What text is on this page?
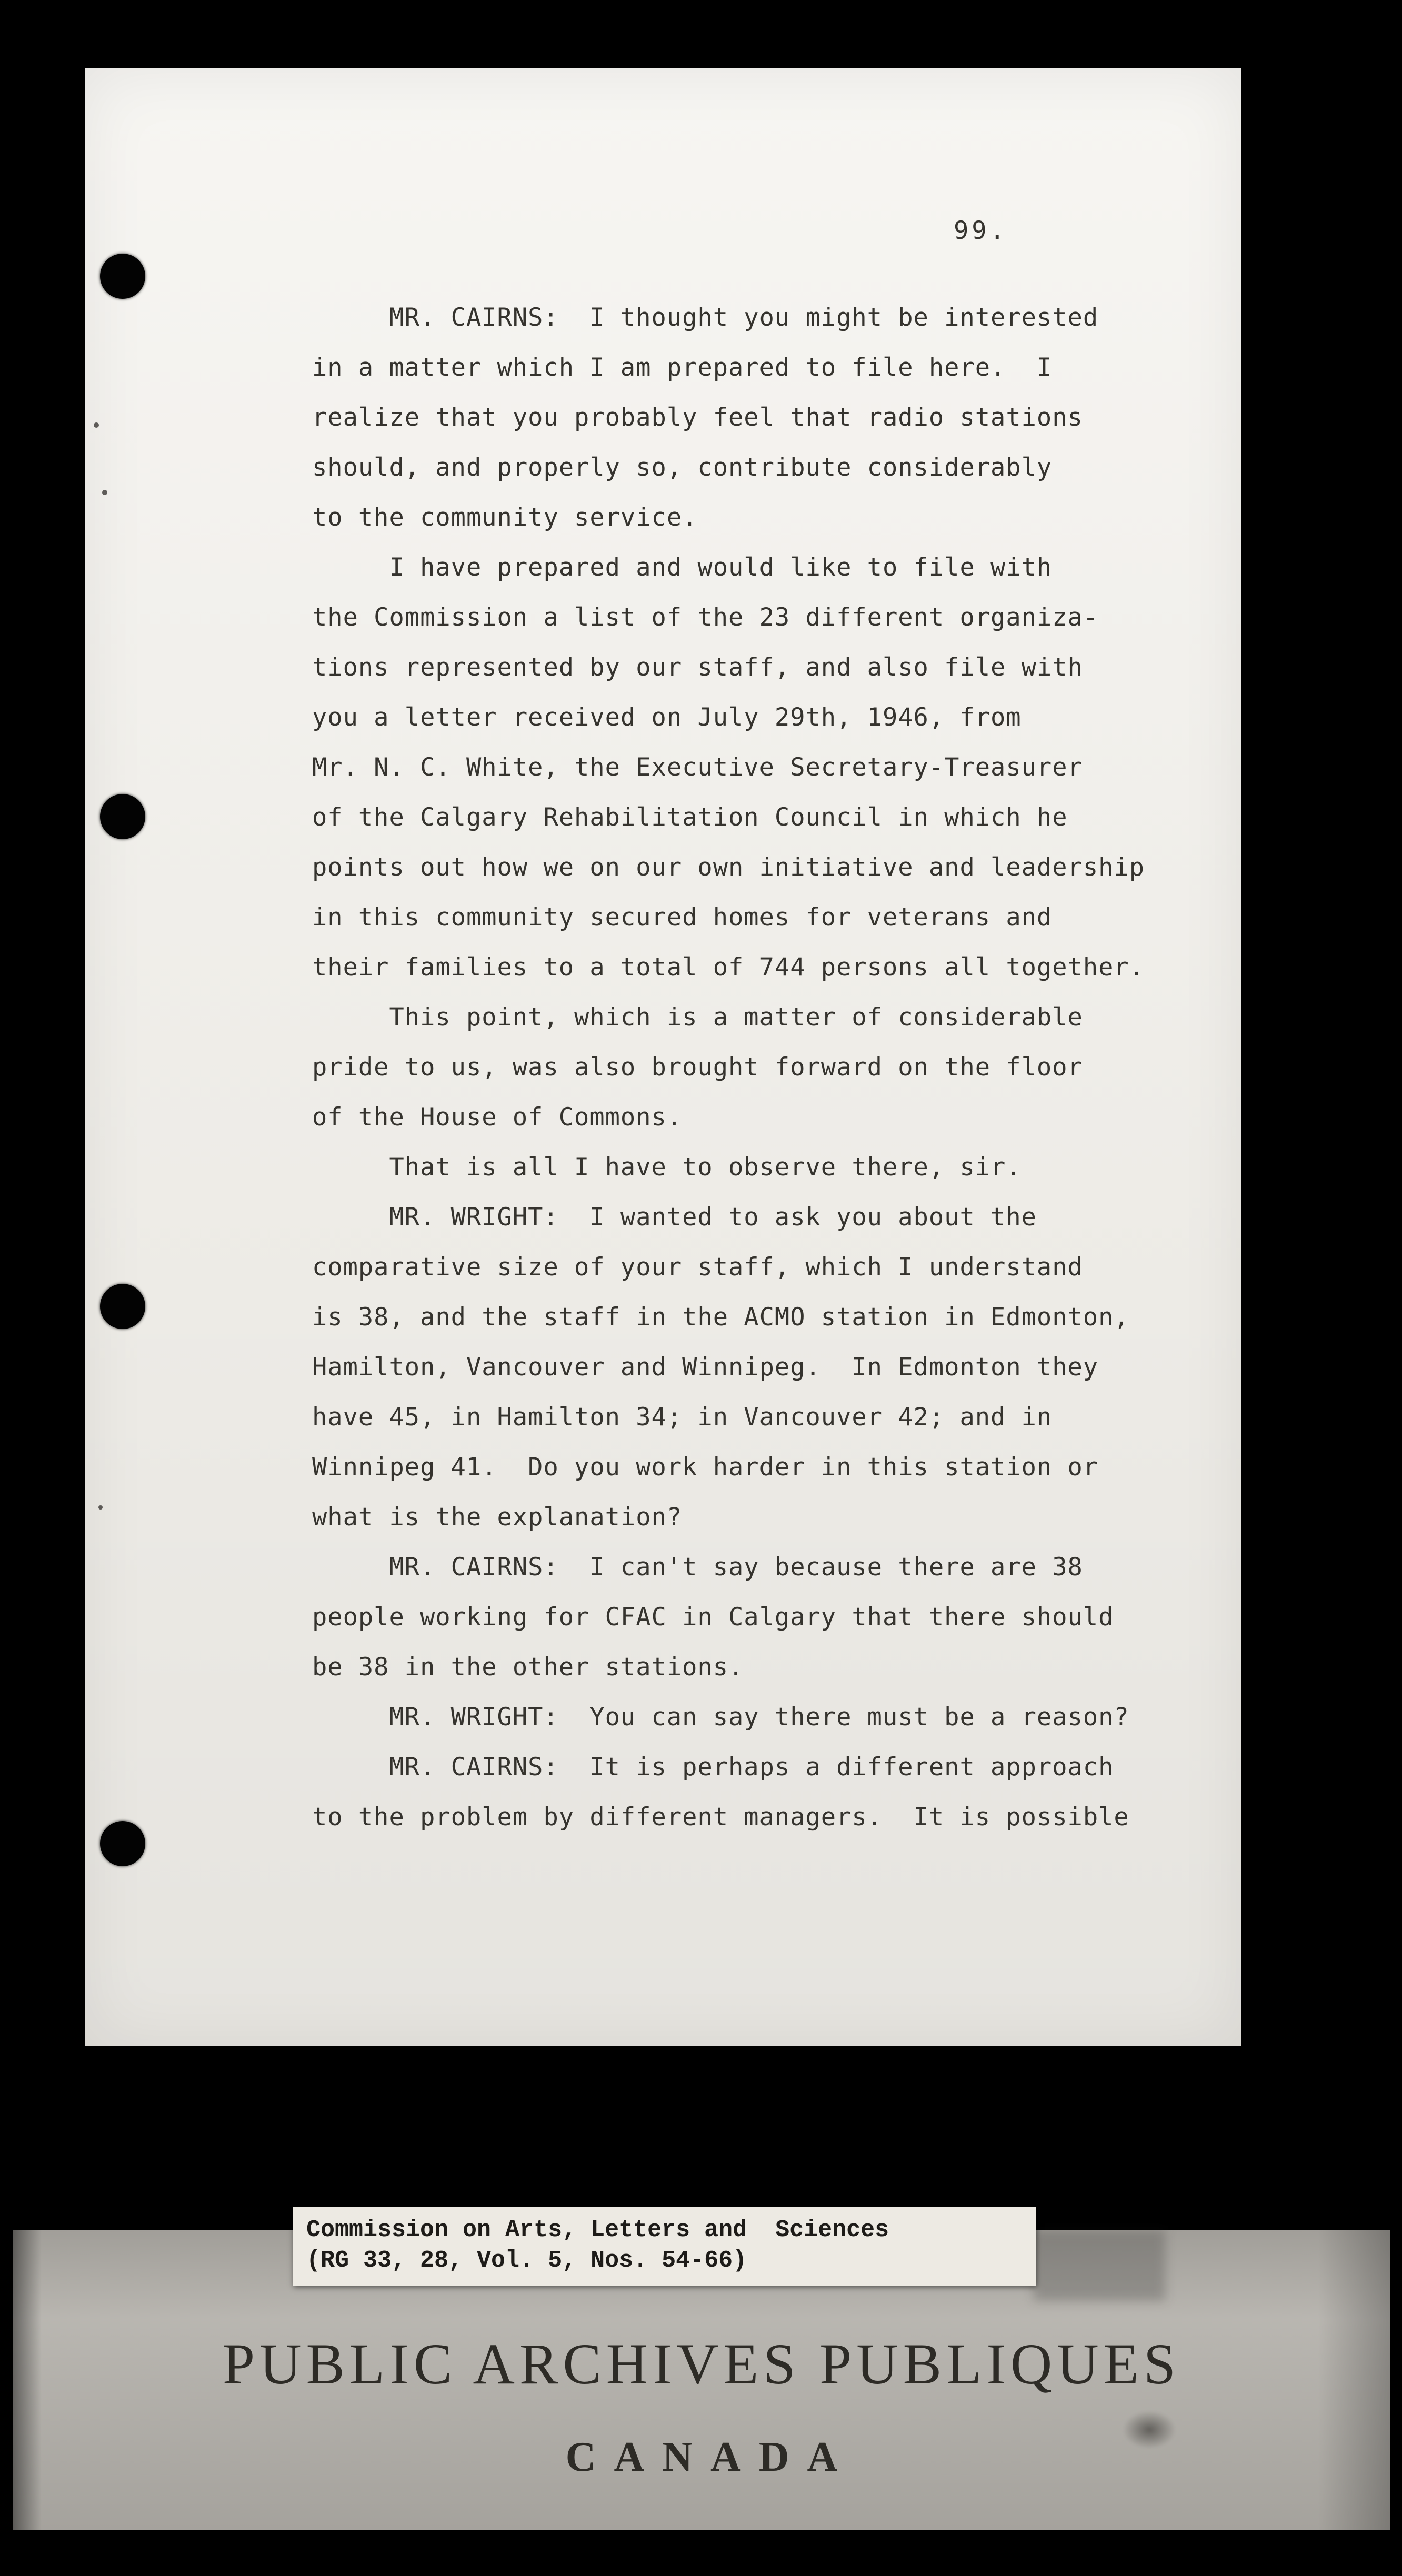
99.
MR. CAIRNS:  I thought you might be interested
in a matter which I am prepared to file here.  I
realize that you probably feel that radio stations
should, and properly so, contribute considerably
to the community service.
I have prepared and would like to file with
the Commission a list of the 23 different organiza-
tions represented by our staff, and also file with
you a letter received on July 29th, 1946, from
Mr. N. C. White, the Executive Secretary-Treasurer
of the Calgary Rehabilitation Council in which he
points out how we on our own initiative and leadership
in this community secured homes for veterans and
their families to a total of 744 persons all together.
This point, which is a matter of considerable
pride to us, was also brought forward on the floor
of the House of Commons.
That is all I have to observe there, sir.
MR. WRIGHT:  I wanted to ask you about the
comparative size of your staff, which I understand
is 38, and the staff in the ACMO station in Edmonton,
Hamilton, Vancouver and Winnipeg.  In Edmonton they
have 45, in Hamilton 34; in Vancouver 42; and in
Winnipeg 41.  Do you work harder in this station or
what is the explanation?
MR. CAIRNS:  I can't say because there are 38
people working for CFAC in Calgary that there should
be 38 in the other stations.
MR. WRIGHT:  You can say there must be a reason?
MR. CAIRNS:  It is perhaps a different approach
to the problem by different managers.  It is possible
PUBLIC ARCHIVES PUBLIQUES
CANADA
Commission on Arts, Letters and  Sciences
(RG 33, 28, Vol. 5, Nos. 54-66)
